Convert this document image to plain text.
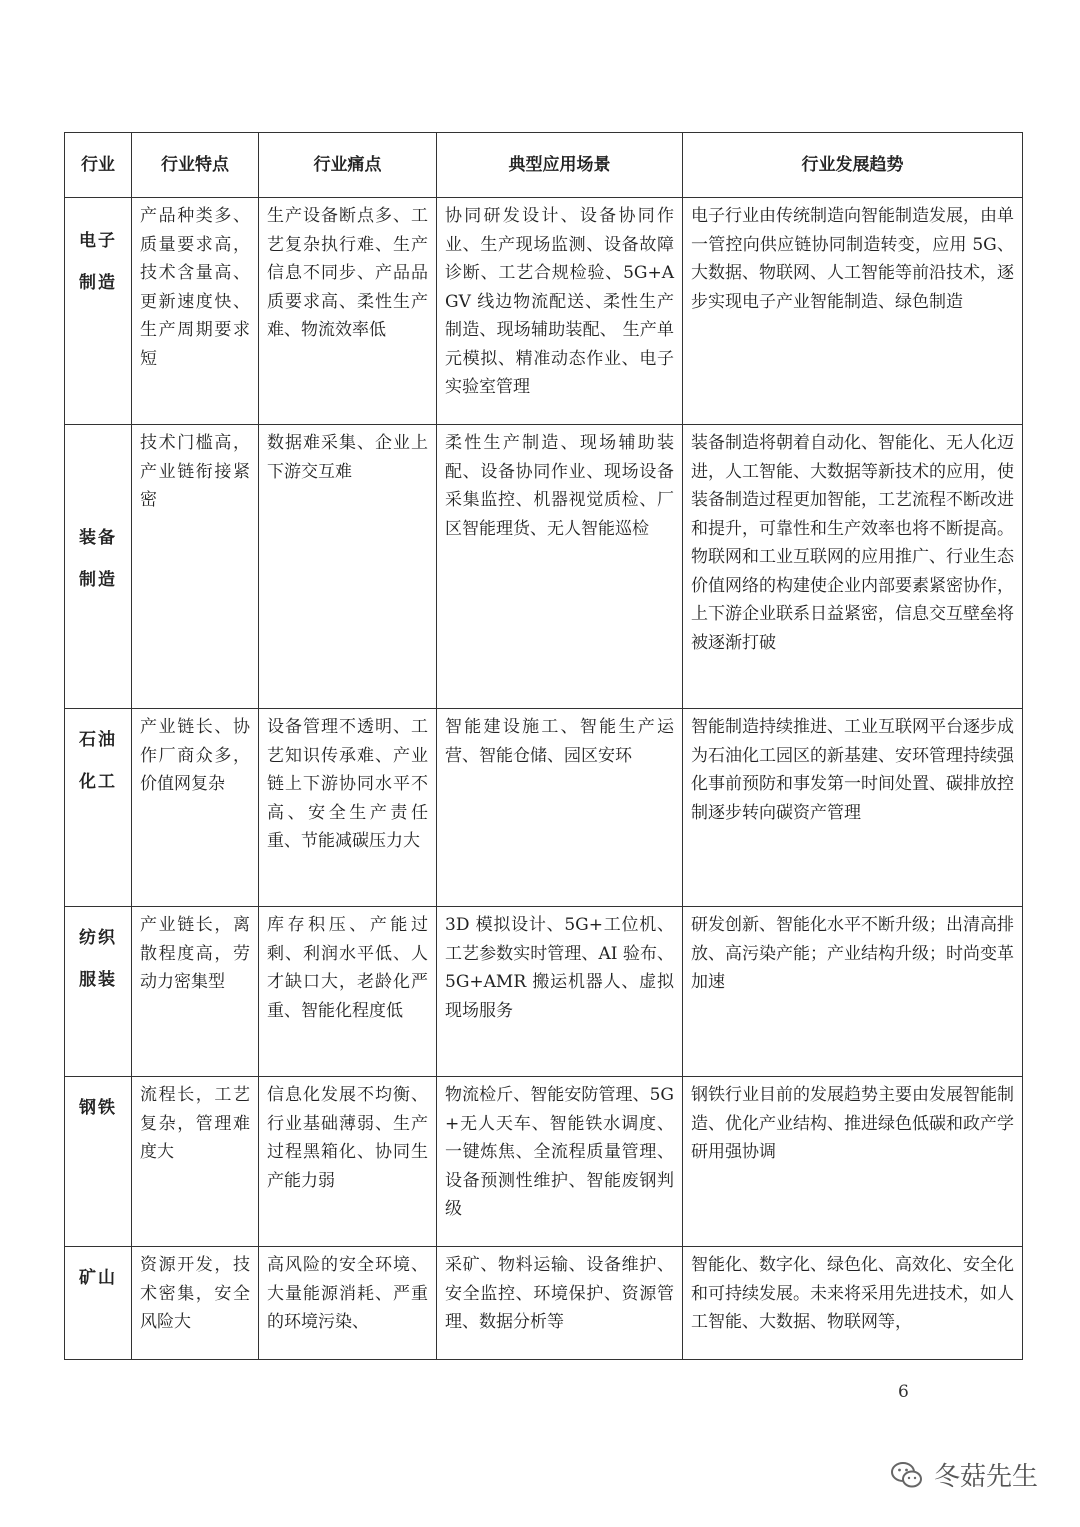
行业	行业特点	行业痛点	典型应用场景	行业发展趋势

电子制造	产品种类多、质量要求高，技术含量高、更新速度快、生产周期要求短	生产设备断点多、工艺复杂执行难、生产信息不同步、产品品质要求高、柔性生产难、物流效率低	协同研发设计、设备协同作业、生产现场监测、设备故障诊断、工艺合规检验、5G+AGV 线边物流配送、柔性生产制造、现场辅助装配、 生产单元模拟、精准动态作业、电子实验室管理	电子行业由传统制造向智能制造发展，由单一管控向供应链协同制造转变，应用 5G、大数据、物联网、人工智能等前沿技术，逐步实现电子产业智能制造、绿色制造

装备制造	技术门槛高，产业链衔接紧密	数据难采集、企业上下游交互难	柔性生产制造、现场辅助装配、设备协同作业、现场设备采集监控、机器视觉质检、厂区智能理货、无人智能巡检	装备制造将朝着自动化、智能化、无人化迈进，人工智能、大数据等新技术的应用，使装备制造过程更加智能，工艺流程不断改进和提升，可靠性和生产效率也将不断提高。物联网和工业互联网的应用推广、行业生态价值网络的构建使企业内部要素紧密协作，上下游企业联系日益紧密，信息交互壁垒将被逐渐打破

石油化工	产业链长、协作厂商众多，价值网复杂	设备管理不透明、工艺知识传承难、产业链上下游协同水平不高、安全生产责任重、节能减碳压力大	智能建设施工、智能生产运营、智能仓储、园区安环	智能制造持续推进、工业互联网平台逐步成为石油化工园区的新基建、安环管理持续强化事前预防和事发第一时间处置、碳排放控制逐步转向碳资产管理

纺织服装	产业链长，离散程度高，劳动力密集型	库存积压、产能过剩、利润水平低、人才缺口大，老龄化严重、智能化程度低	3D 模拟设计、5G+工位机、工艺参数实时管理、AI 验布、5G+AMR 搬运机器人、虚拟现场服务	研发创新、智能化水平不断升级；出清高排放、高污染产能；产业结构升级；时尚变革加速

钢铁	流程长，工艺复杂，管理难度大	信息化发展不均衡、行业基础薄弱、生产过程黑箱化、协同生产能力弱	物流检斤、智能安防管理、5G+无人天车、智能铁水调度、一键炼焦、全流程质量管理、设备预测性维护、智能废钢判级	钢铁行业目前的发展趋势主要由发展智能制造、优化产业结构、推进绿色低碳和政产学研用强协调

矿山	资源开发，技术密集，安全风险大	高风险的安全环境、大量能源消耗、严重的环境污染、	采矿、物料运输、设备维护、安全监控、环境保护、资源管理、数据分析等	智能化、数字化、绿色化、高效化、安全化和可持续发展。未来将采用先进技术，如人工智能、大数据、物联网等，
6
冬菇先生
